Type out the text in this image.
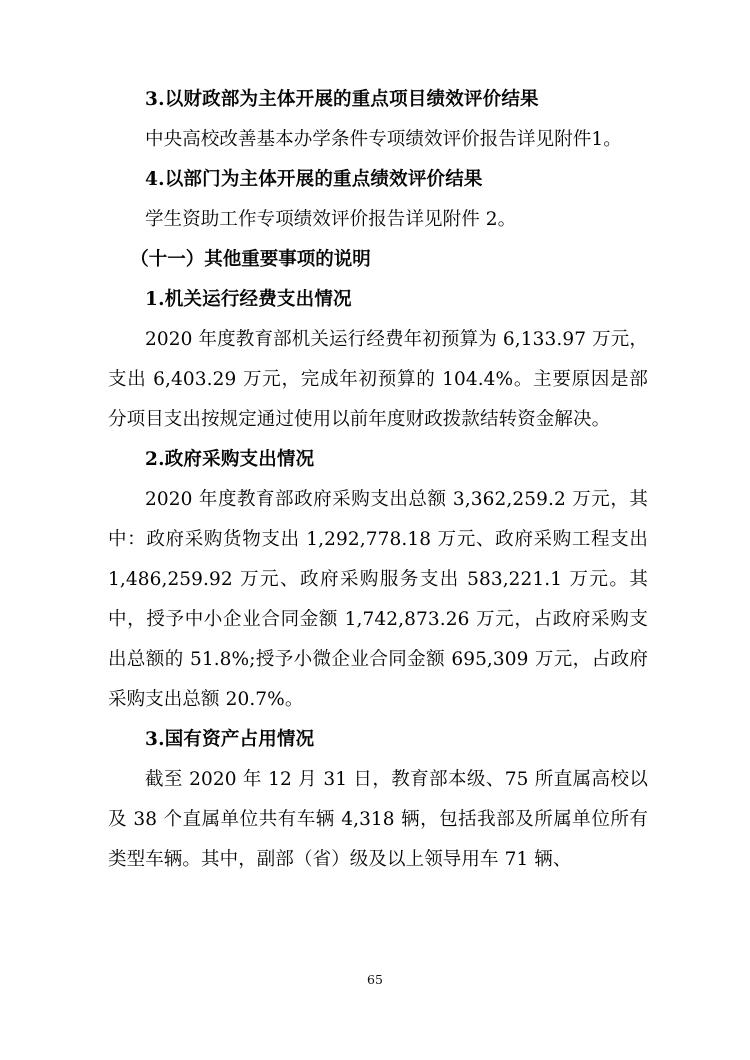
3.以财政部为主体开展的重点项目绩效评价结果

中央高校改善基本办学条件专项绩效评价报告详见附件1。

4.以部门为主体开展的重点绩效评价结果

学生资助工作专项绩效评价报告详见附件 2。

（十一）其他重要事项的说明

1.机关运行经费支出情况

2020 年度教育部机关运行经费年初预算为 6,133.97 万元，支出 6,403.29 万元，完成年初预算的 104.4%。主要原因是部分项目支出按规定通过使用以前年度财政拨款结转资金解决。

2.政府采购支出情况

2020 年度教育部政府采购支出总额 3,362,259.2 万元，其中：政府采购货物支出 1,292,778.18 万元、政府采购工程支出 1,486,259.92 万元、政府采购服务支出 583,221.1 万元。其中，授予中小企业合同金额 1,742,873.26 万元，占政府采购支出总额的 51.8%;授予小微企业合同金额 695,309 万元，占政府采购支出总额 20.7%。

3.国有资产占用情况

截至 2020 年 12 月 31 日，教育部本级、75 所直属高校以及 38 个直属单位共有车辆 4,318 辆，包括我部及所属单位所有类型车辆。其中，副部（省）级及以上领导用车 71 辆、

65
